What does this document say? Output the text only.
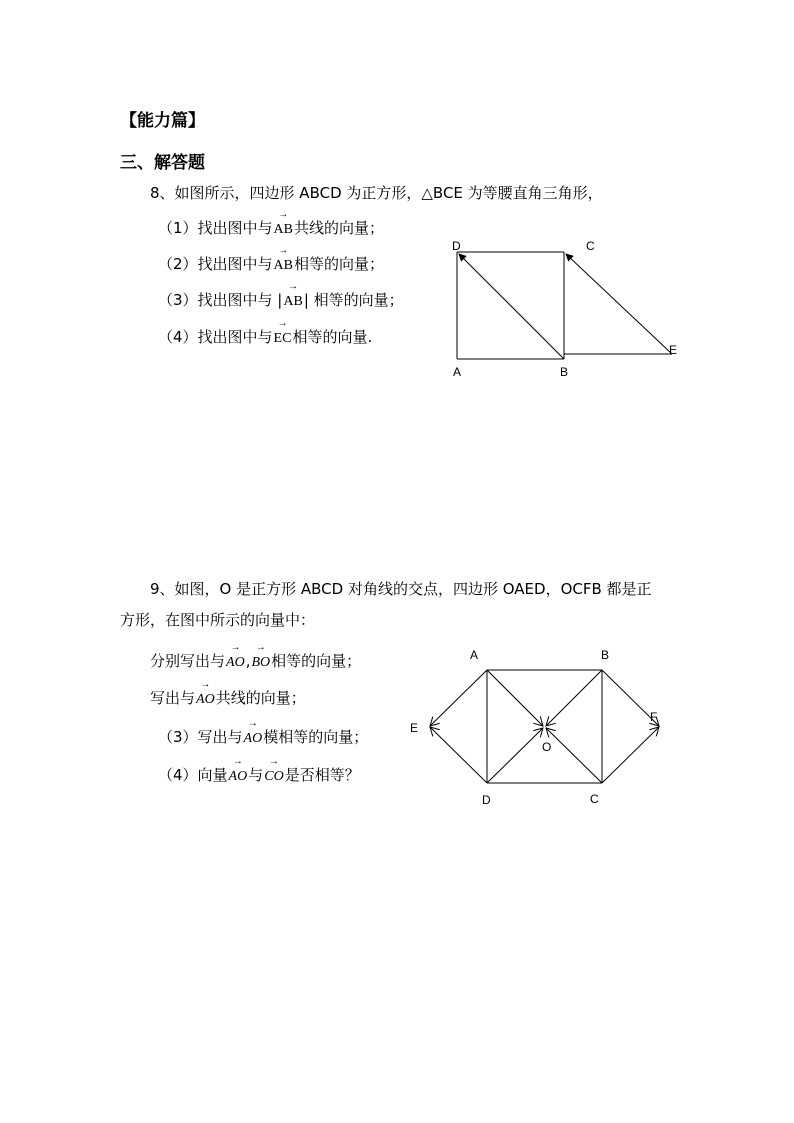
【能力篇】
三、解答题
8、如图所示，四边形 ABCD 为正方形，△BCE 为等腰直角三角形，
（1）找出图中与→ AB共线的向量；
（2）找出图中与→ AB相等的向量；
（3）找出图中与 |→ AB| 相等的向量；
（4）找出图中与→ EC相等的向量.
D	C
A	B
E
9、如图，O 是正方形 ABCD 对角线的交点，四边形 OAED，OCFB 都是正
方形，在图中所示的向量中：
分别写出与→ AO,→ BO相等的向量；
写出与→ AO共线的向量；
（3）写出与→ AO模相等的向量；
（4）向量→ AO与→ CO是否相等？
A	B
E
F
O
D	C
